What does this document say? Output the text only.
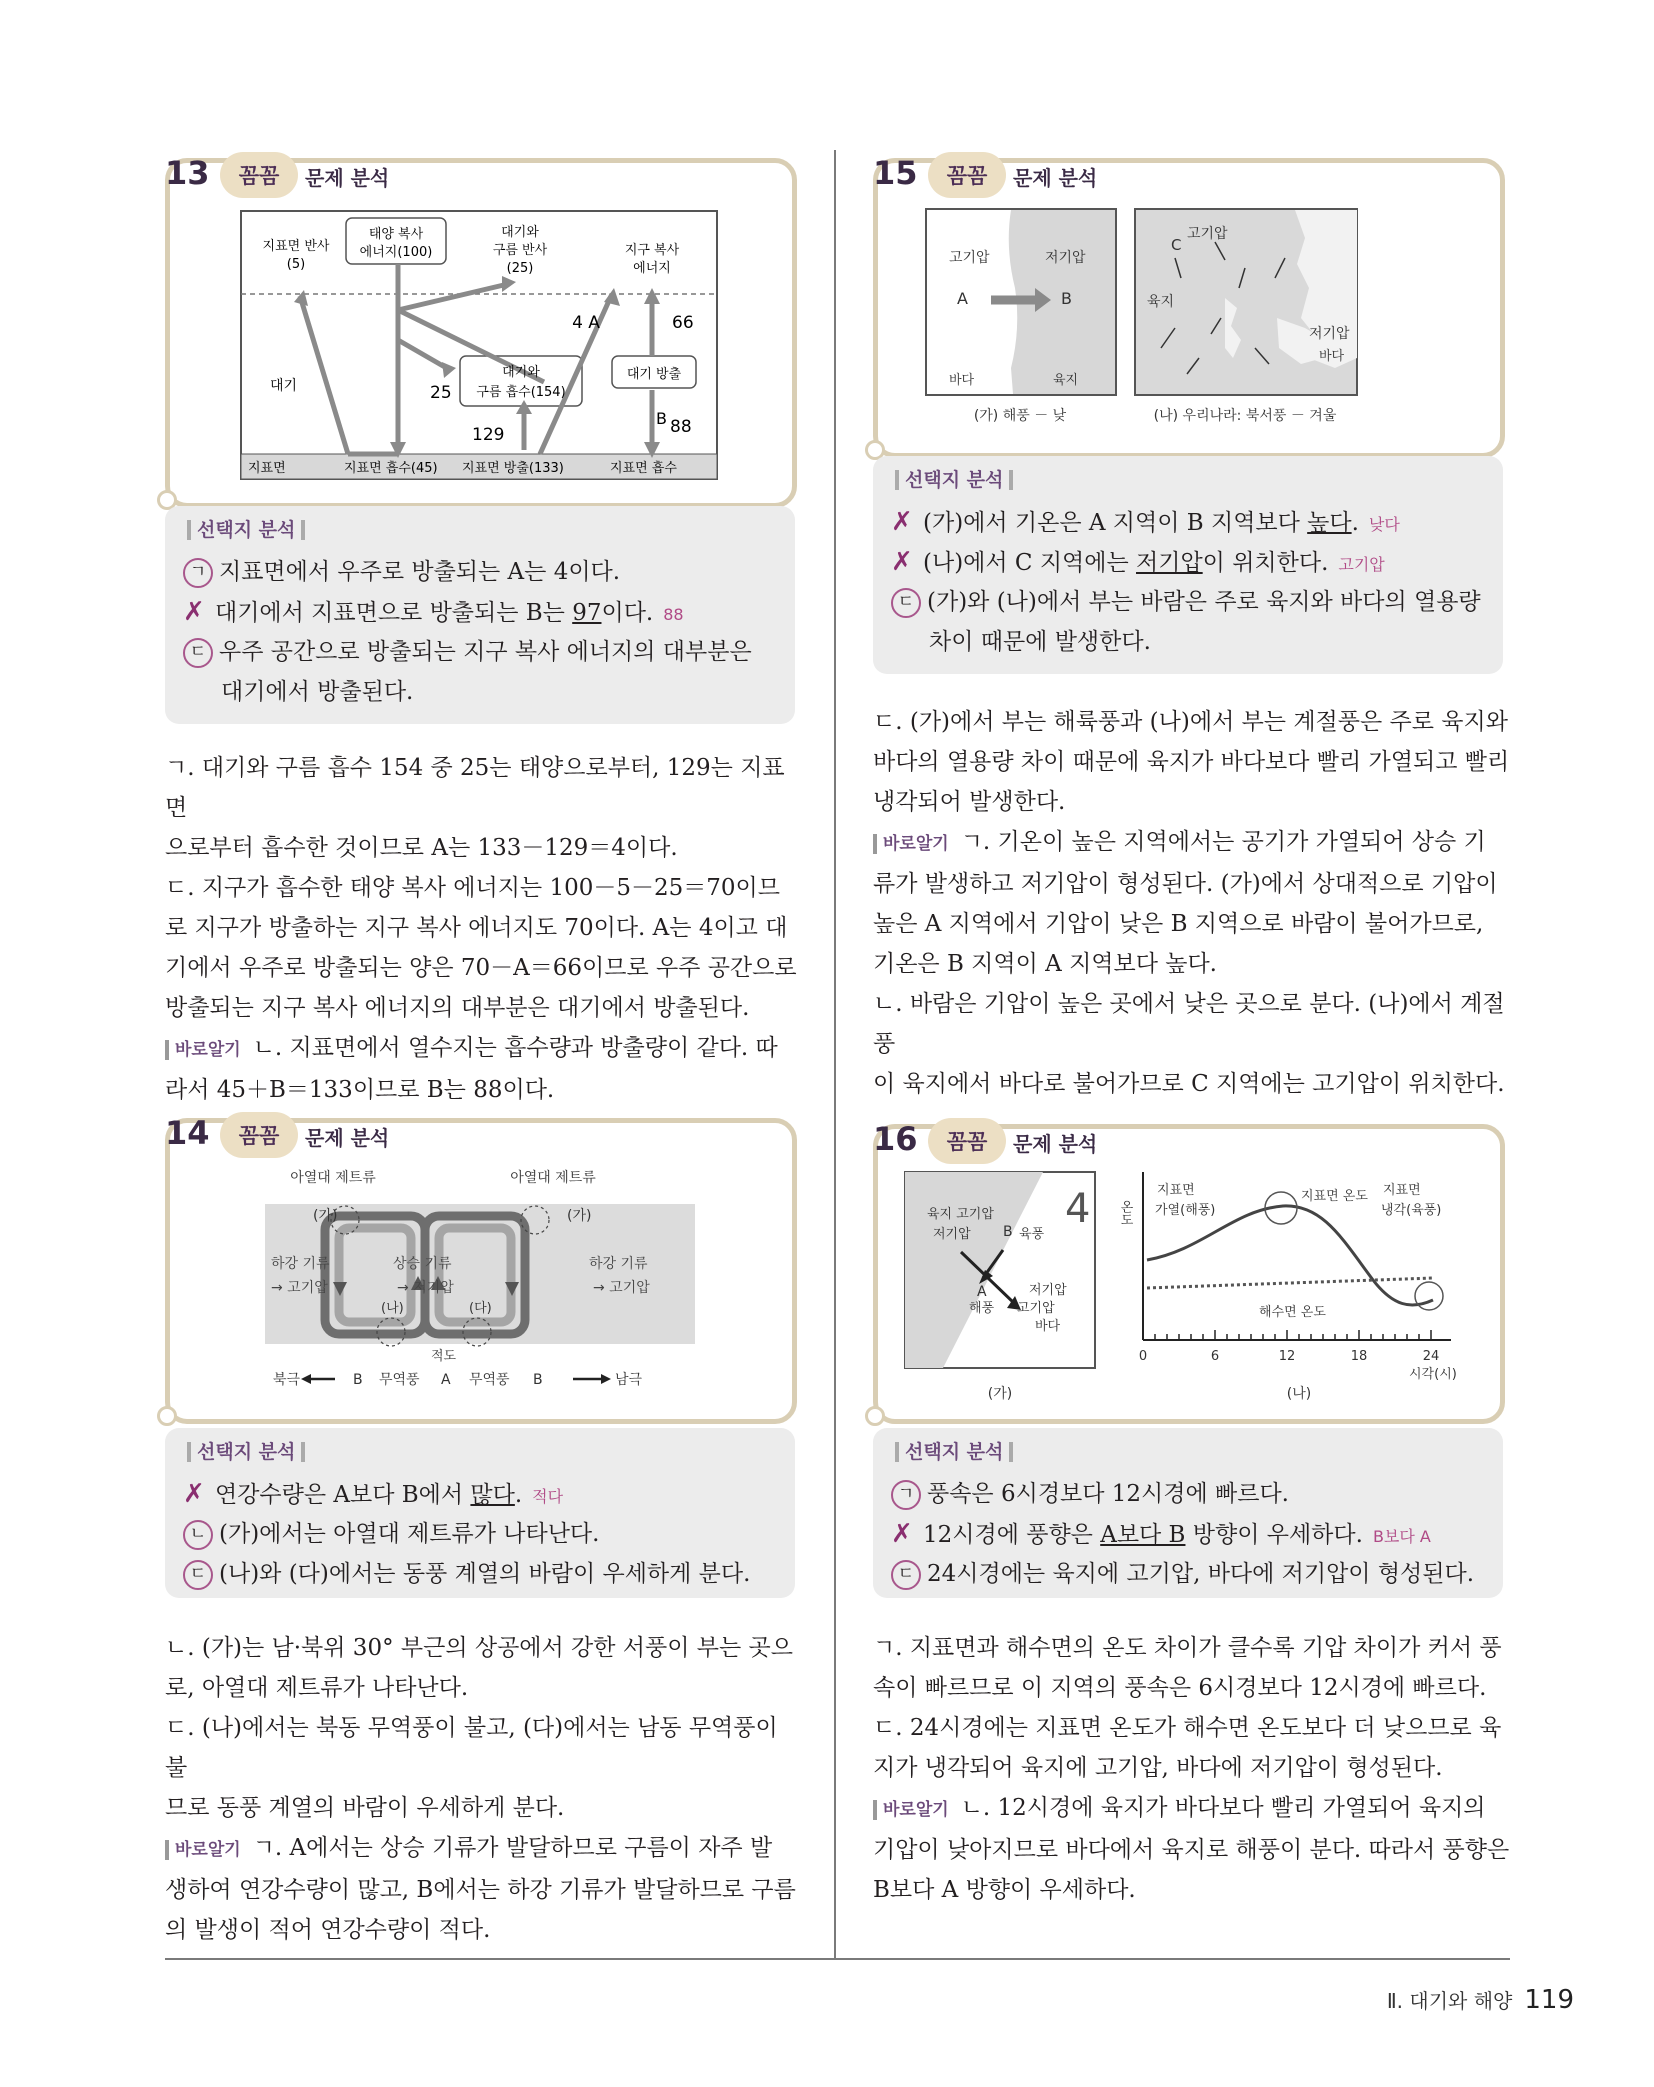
13	꼼꼼	문제 분석
지표면 반사
(5)
태양 복사
에너지(100)
대기와
구름 반사
(25)
지구 복사
에너지
4 A	66
대기	25
대기와
구름 흡수(154)
대기 방출
129
B 88
지표면	지표면 흡수(45) 지표면 방출(133)	지표면 흡수
선택지 분석
ㄱ 지표면에서 우주로 방출되는 A는 4이다.
✗ 대기에서 지표면으로 방출되는 B는 97이다. 88
ㄷ 우주 공간으로 방출되는 지구 복사 에너지의 대부분은
대기에서 방출된다.

ㄱ. 대기와 구름 흡수 154 중 25는 태양으로부터, 129는 지표면

으로부터 흡수한 것이므로 A는 133－129＝4이다.

ㄷ. 지구가 흡수한 태양 복사 에너지는 100－5－25＝70이므

로 지구가 방출하는 지구 복사 에너지도 70이다. A는 4이고 대

기에서 우주로 방출되는 양은 70－A＝66이므로 우주 공간으로

방출되는 지구 복사 에너지의 대부분은 대기에서 방출된다.

바로알기 ㄴ. 지표면에서 열수지는 흡수량과 방출량이 같다. 따

라서 45＋B＝133이므로 B는 88이다.

14	꼼꼼	문제 분석
아열대 제트류	아열대 제트류
(가)	(가)
하강 기류
→ 고기압
상승 기류
→ 저기압
하강 기류
→ 고기압
(나)	(다)
적도
북극	B 무역풍 A 무역풍 B	남극
선택지 분석
✗ 연강수량은 A보다 B에서 많다. 적다
ㄴ (가)에서는 아열대 제트류가 나타난다.
ㄷ (나)와 (다)에서는 동풍 계열의 바람이 우세하게 분다.

ㄴ. (가)는 남·북위 30° 부근의 상공에서 강한 서풍이 부는 곳으

로, 아열대 제트류가 나타난다.

ㄷ. (나)에서는 북동 무역풍이 불고, (다)에서는 남동 무역풍이 불

므로 동풍 계열의 바람이 우세하게 분다.

바로알기 ㄱ. A에서는 상승 기류가 발달하므로 구름이 자주 발

생하여 연강수량이 많고, B에서는 하강 기류가 발달하므로 구름

의 발생이 적어 연강수량이 적다.

15	꼼꼼	문제 분석
고기압	저기압
A	B
바다	육지
(가) 해풍 － 낮
C
고기압
육지
저기압
바다
(나) 우리나라: 북서풍 － 겨울
선택지 분석
✗ (가)에서 기온은 A 지역이 B 지역보다 높다. 낮다
✗ (나)에서 C 지역에는 저기압이 위치한다. 고기압
ㄷ (가)와 (나)에서 부는 바람은 주로 육지와 바다의 열용량
차이 때문에 발생한다.

ㄷ. (가)에서 부는 해륙풍과 (나)에서 부는 계절풍은 주로 육지와

바다의 열용량 차이 때문에 육지가 바다보다 빨리 가열되고 빨리

냉각되어 발생한다.

바로알기 ㄱ. 기온이 높은 지역에서는 공기가 가열되어 상승 기

류가 발생하고 저기압이 형성된다. (가)에서 상대적으로 기압이

높은 A 지역에서 기압이 낮은 B 지역으로 바람이 불어가므로,

기온은 B 지역이 A 지역보다 높다.

ㄴ. 바람은 기압이 높은 곳에서 낮은 곳으로 분다. (나)에서 계절풍

이 육지에서 바다로 불어가므로 C 지역에는 고기압이 위치한다.

16	꼼꼼	문제 분석
육지 고기압
저기압 B 육풍
A
해풍
저기압
고기압
바다
4
(가)
온도
지표면
가열(해풍)
지표면 온도 지표면
냉각(육풍)
해수면 온도
0	6	12	18	24
시각(시)
(나)
선택지 분석
ㄱ 풍속은 6시경보다 12시경에 빠르다.
✗ 12시경에 풍향은 A보다 B 방향이 우세하다. B보다 A
ㄷ 24시경에는 육지에 고기압, 바다에 저기압이 형성된다.

ㄱ. 지표면과 해수면의 온도 차이가 클수록 기압 차이가 커서 풍

속이 빠르므로 이 지역의 풍속은 6시경보다 12시경에 빠르다.

ㄷ. 24시경에는 지표면 온도가 해수면 온도보다 더 낮으므로 육

지가 냉각되어 육지에 고기압, 바다에 저기압이 형성된다.

바로알기 ㄴ. 12시경에 육지가 바다보다 빨리 가열되어 육지의

기압이 낮아지므로 바다에서 육지로 해풍이 분다. 따라서 풍향은

B보다 A 방향이 우세하다.

Ⅱ. 대기와 해양 119
